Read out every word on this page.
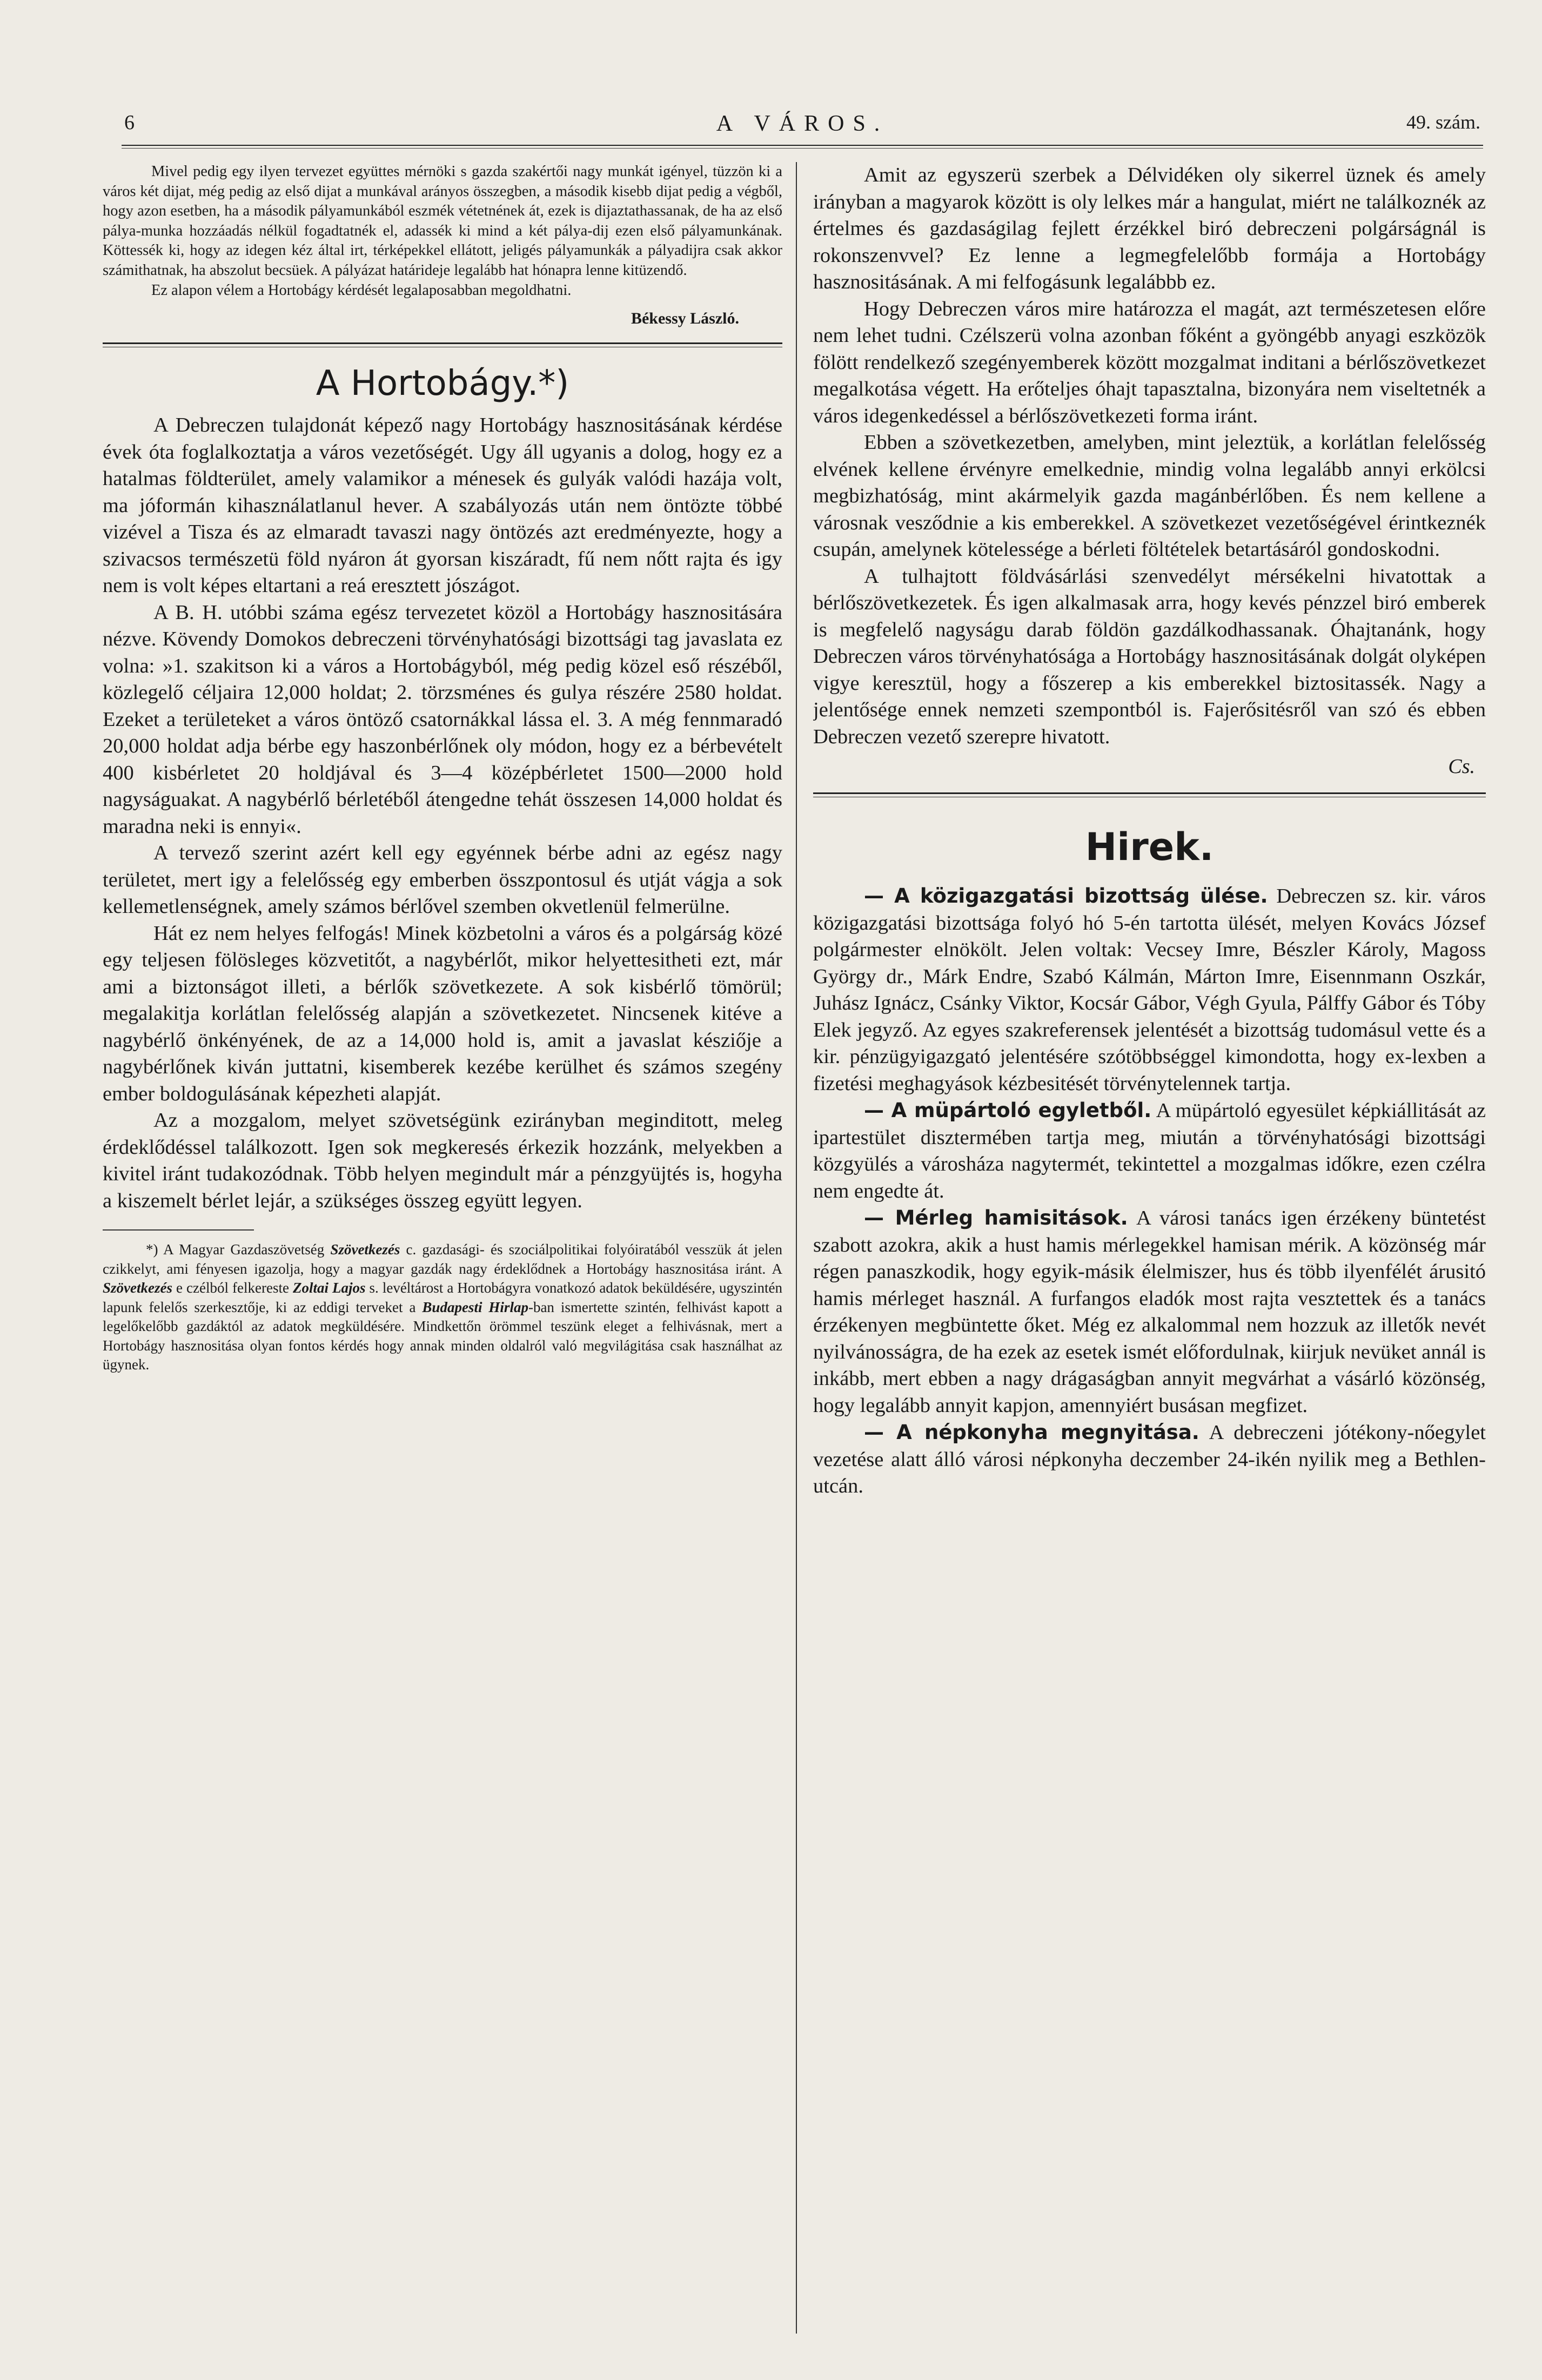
6	A VÁROS.	49. szám.

Mivel pedig egy ilyen tervezet együttes mérnöki s gazda szakértői nagy munkát igényel, tüzzön ki a város két dijat, még pedig az első dijat a munkával arányos összegben, a második kisebb dijat pedig a végből, hogy azon esetben, ha a második pályamunkából eszmék vétetnének át, ezek is dijaztathassanak, de ha az első pálya-munka hozzáadás nélkül fogadtatnék el, adassék ki mind a két pálya-dij ezen első pályamunkának. Köttessék ki, hogy az idegen kéz által irt, térképekkel ellátott, jeligés pályamunkák a pályadijra csak akkor számithatnak, ha abszolut becsüek. A pályázat határideje legalább hat hónapra lenne kitüzendő.

Ez alapon vélem a Hortobágy kérdését legalaposabban megoldhatni.

Békessy László.
A Hortobágy.*)

A Debreczen tulajdonát képező nagy Hortobágy hasznositásának kérdése évek óta foglalkoztatja a város vezetőségét. Ugy áll ugyanis a dolog, hogy ez a hatalmas földterület, amely valamikor a ménesek és gulyák valódi hazája volt, ma jóformán kihasználatlanul hever. A szabályozás után nem öntözte többé vizével a Tisza és az elmaradt tavaszi nagy öntözés azt eredményezte, hogy a szivacsos természetü föld nyáron át gyorsan kiszáradt, fű nem nőtt rajta és igy nem is volt képes eltartani a reá eresztett jószágot.

A B. H. utóbbi száma egész tervezetet közöl a Hortobágy hasznositására nézve. Kövendy Domokos debreczeni törvényhatósági bizottsági tag javaslata ez volna: »1. szakitson ki a város a Hortobágyból, még pedig közel eső részéből, közlegelő céljaira 12,000 holdat; 2. törzsménes és gulya részére 2580 holdat. Ezeket a területeket a város öntöző csatornákkal lássa el. 3. A még fennmaradó 20,000 holdat adja bérbe egy haszonbérlőnek oly módon, hogy ez a bérbevételt 400 kisbérletet 20 holdjával és 3—4 középbérletet 1500—2000 hold nagyságuakat. A nagybérlő bérletéből átengedne tehát összesen 14,000 holdat és maradna neki is ennyi«.

A tervező szerint azért kell egy egyénnek bérbe adni az egész nagy területet, mert igy a felelősség egy emberben összpontosul és utját vágja a sok kellemetlenségnek, amely számos bérlővel szemben okvetlenül felmerülne.

Hát ez nem helyes felfogás! Minek közbetolni a város és a polgárság közé egy teljesen fölösleges közvetitőt, a nagybérlőt, mikor helyettesitheti ezt, már ami a biztonságot illeti, a bérlők szövetkezete. A sok kisbérlő tömörül; megalakitja korlátlan felelősség alapján a szövetkezetet. Nincsenek kitéve a nagybérlő önkényének, de az a 14,000 hold is, amit a javaslat késziője a nagybérlőnek kiván juttatni, kisemberek kezébe kerülhet és számos szegény ember boldogulásának képezheti alapját.

Az a mozgalom, melyet szövetségünk ezirányban meginditott, meleg érdeklődéssel találkozott. Igen sok megkeresés érkezik hozzánk, melyekben a kivitel iránt tudakozódnak. Több helyen megindult már a pénzgyüjtés is, hogyha a kiszemelt bérlet lejár, a szükséges összeg együtt legyen.

*) A Magyar Gazdaszövetség Szövetkezés c. gazdasági- és szociálpolitikai folyóiratából vesszük át jelen czikkelyt, ami fényesen igazolja, hogy a magyar gazdák nagy érdeklődnek a Hortobágy hasznositása iránt. A Szövetkezés e czélból felkereste Zoltai Lajos s. levéltárost a Hortobágyra vonatkozó adatok beküldésére, ugyszintén lapunk felelős szerkesztője, ki az eddigi terveket a Budapesti Hirlap-ban ismertette szintén, felhivást kapott a legelőkelőbb gazdáktól az adatok megküldésére. Mindkettőn örömmel teszünk eleget a felhivásnak, mert a Hortobágy hasznositása olyan fontos kérdés hogy annak minden oldalról való megvilágitása csak használhat az ügynek.

Amit az egyszerü szerbek a Délvidéken oly sikerrel üznek és amely irányban a magyarok között is oly lelkes már a hangulat, miért ne találkoznék az értelmes és gazdaságilag fejlett érzékkel biró debreczeni polgárságnál is rokonszenvvel? Ez lenne a legmegfelelőbb formája a Hortobágy hasznositásának. A mi felfogásunk legalábbb ez.

Hogy Debreczen város mire határozza el magát, azt természetesen előre nem lehet tudni. Czélszerü volna azonban főként a gyöngébb anyagi eszközök fölött rendelkező szegényemberek között mozgalmat inditani a bérlőszövetkezet megalkotása végett. Ha erőteljes óhajt tapasztalna, bizonyára nem viseltetnék a város idegenkedéssel a bérlőszövetkezeti forma iránt.

Ebben a szövetkezetben, amelyben, mint jeleztük, a korlátlan felelősség elvének kellene érvényre emelkednie, mindig volna legalább annyi erkölcsi megbizhatóság, mint akármelyik gazda magánbérlőben. És nem kellene a városnak vesződnie a kis emberekkel. A szövetkezet vezetőségével érintkeznék csupán, amelynek kötelessége a bérleti föltételek betartásáról gondoskodni.

A tulhajtott földvásárlási szenvedélyt mérsékelni hivatottak a bérlőszövetkezetek. És igen alkalmasak arra, hogy kevés pénzzel biró emberek is megfelelő nagyságu darab földön gazdálkodhassanak. Óhajtanánk, hogy Debreczen város törvényhatósága a Hortobágy hasznositásának dolgát olyképen vigye keresztül, hogy a főszerep a kis emberekkel biztositassék. Nagy a jelentősége ennek nemzeti szempontból is. Fajerősitésről van szó és ebben Debreczen vezető szerepre hivatott.

Cs.
Hirek.

— A közigazgatási bizottság ülése. Debreczen sz. kir. város közigazgatási bizottsága folyó hó 5-én tartotta ülését, melyen Kovács József polgármester elnökölt. Jelen voltak: Vecsey Imre, Bészler Károly, Magoss György dr., Márk Endre, Szabó Kálmán, Márton Imre, Eisennmann Oszkár, Juhász Ignácz, Csánky Viktor, Kocsár Gábor, Végh Gyula, Pálffy Gábor és Tóby Elek jegyző. Az egyes szakreferensek jelentését a bizottság tudomásul vette és a kir. pénzügyigazgató jelentésére szótöbbséggel kimondotta, hogy ex-lexben a fizetési meghagyások kézbesitését törvénytelennek tartja.

— A müpártoló egyletből. A müpártoló egyesület képkiállitását az ipartestület disztermében tartja meg, miután a törvényhatósági bizottsági közgyülés a városháza nagytermét, tekintettel a mozgalmas időkre, ezen czélra nem engedte át.

— Mérleg hamisitások. A városi tanács igen érzékeny büntetést szabott azokra, akik a hust hamis mérlegekkel hamisan mérik. A közönség már régen panaszkodik, hogy egyik-másik élelmiszer, hus és több ilyenfélét árusitó hamis mérleget használ. A furfangos eladók most rajta vesztettek és a tanács érzékenyen megbüntette őket. Még ez alkalommal nem hozzuk az illetők nevét nyilvánosságra, de ha ezek az esetek ismét előfordulnak, kiirjuk nevüket annál is inkább, mert ebben a nagy drágaságban annyit megvárhat a vásárló közönség, hogy legalább annyit kapjon, amennyiért busásan megfizet.

— A népkonyha megnyitása. A debreczeni jótékony-nőegylet vezetése alatt álló városi népkonyha deczember 24-ikén nyilik meg a Bethlen-utcán.
